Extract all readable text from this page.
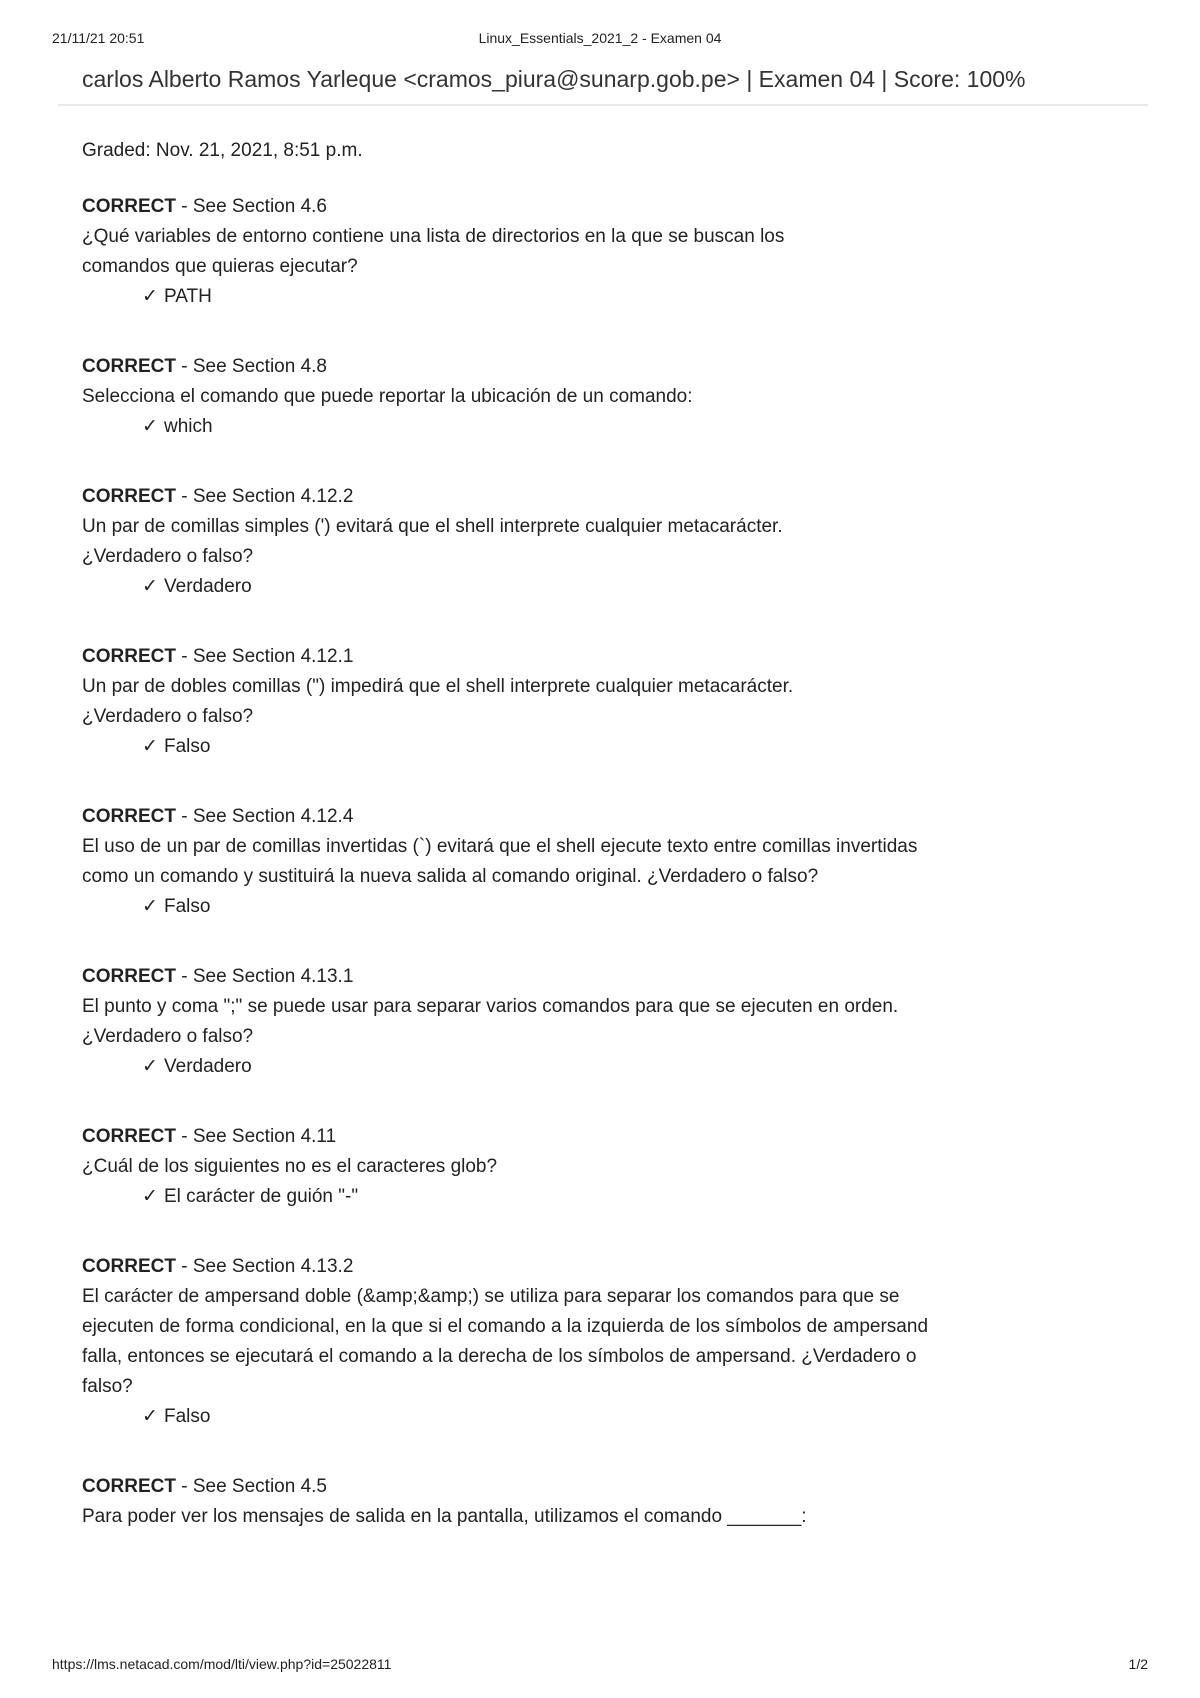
21/11/21 20:51	Linux_Essentials_2021_2 - Examen 04
carlos Alberto Ramos Yarleque <cramos_piura@sunarp.gob.pe> | Examen 04 | Score: 100%
Graded: Nov. 21, 2021, 8:51 p.m.
CORRECT - See Section 4.6
¿Qué variables de entorno contiene una lista de directorios en la que se buscan los comandos que quieras ejecutar?
✓ PATH
CORRECT - See Section 4.8
Selecciona el comando que puede reportar la ubicación de un comando:
✓ which
CORRECT - See Section 4.12.2
Un par de comillas simples (') evitará que el shell interprete cualquier metacarácter. ¿Verdadero o falso?
✓ Verdadero
CORRECT - See Section 4.12.1
Un par de dobles comillas (") impedirá que el shell interprete cualquier metacarácter. ¿Verdadero o falso?
✓ Falso
CORRECT - See Section 4.12.4
El uso de un par de comillas invertidas (`) evitará que el shell ejecute texto entre comillas invertidas como un comando y sustituirá la nueva salida al comando original. ¿Verdadero o falso?
✓ Falso
CORRECT - See Section 4.13.1
El punto y coma ";" se puede usar para separar varios comandos para que se ejecuten en orden. ¿Verdadero o falso?
✓ Verdadero
CORRECT - See Section 4.11
¿Cuál de los siguientes no es el caracteres glob?
✓ El carácter de guión "-"
CORRECT - See Section 4.13.2
El carácter de ampersand doble (&amp;&amp;) se utiliza para separar los comandos para que se ejecuten de forma condicional, en la que si el comando a la izquierda de los símbolos de ampersand falla, entonces se ejecutará el comando a la derecha de los símbolos de ampersand. ¿Verdadero o falso?
✓ Falso
CORRECT - See Section 4.5
Para poder ver los mensajes de salida en la pantalla, utilizamos el comando _______:
https://lms.netacad.com/mod/lti/view.php?id=25022811	1/2
